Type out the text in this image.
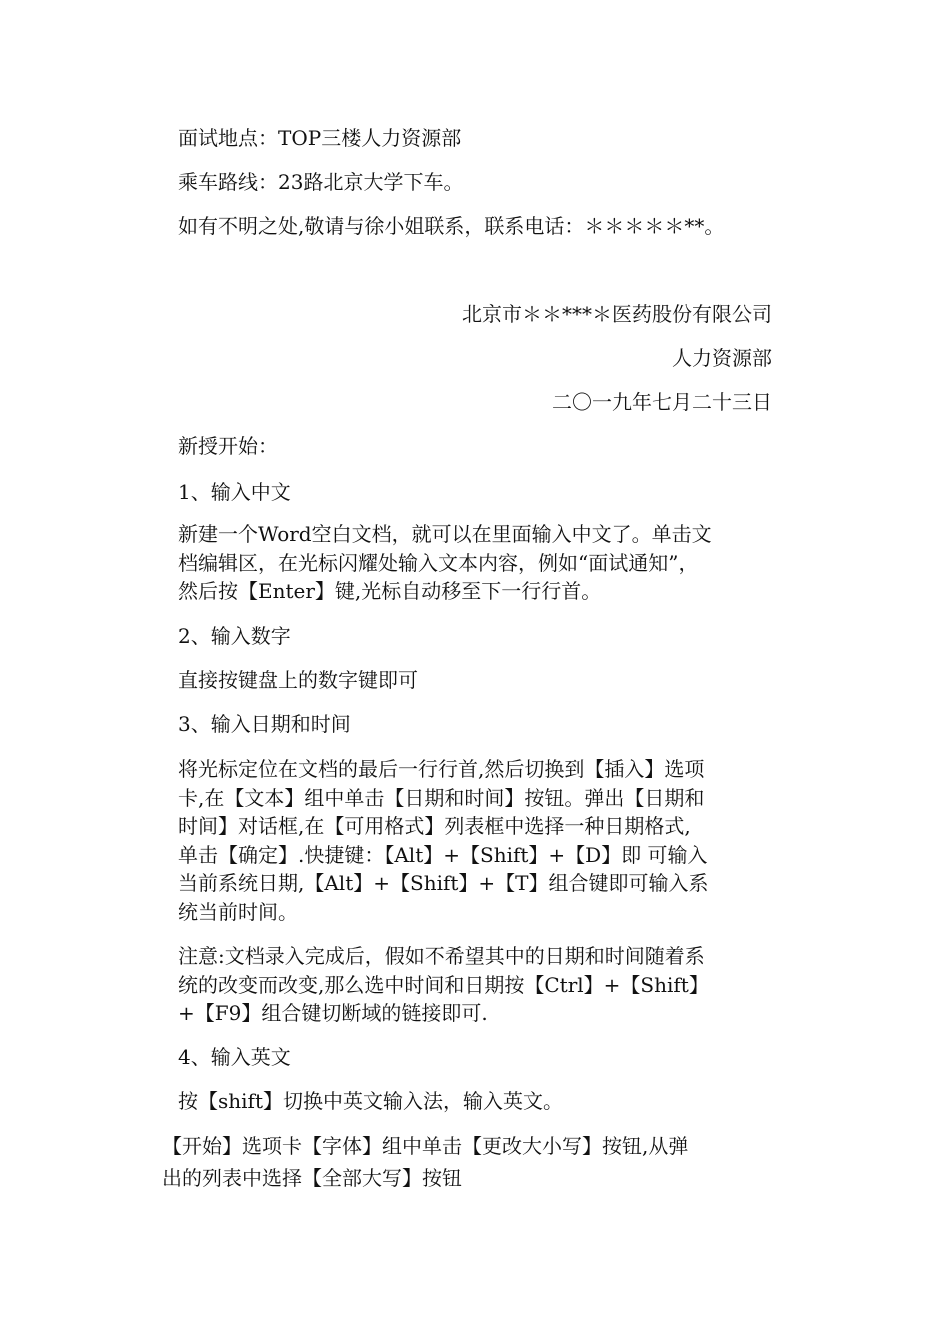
面试地点：TOP三楼人力资源部

乘车路线：23路北京大学下车。

如有不明之处,敬请与徐小姐联系，联系电话：＊＊＊＊＊**。

北京市＊＊***＊医药股份有限公司

人力资源部

二〇一九年七月二十三日

新授开始：

1、输入中文

新建一个Word空白文档，就可以在里面输入中文了。单击文
档编辑区，在光标闪耀处输入文本内容，例如“面试通知”，
然后按【Enter】键,光标自动移至下一行行首。

2、输入数字

直接按键盘上的数字键即可

3、输入日期和时间

将光标定位在文档的最后一行行首,然后切换到【插入】选项
卡,在【文本】组中单击【日期和时间】按钮。弹出【日期和
时间】对话框,在【可用格式】列表框中选择一种日期格式,
单击【确定】.快捷键：【Alt】+【Shift】+【D】即 可输入
当前系统日期,【Alt】+【Shift】+【T】组合键即可输入系
统当前时间。
注意:文档录入完成后，假如不希望其中的日期和时间随着系
统的改变而改变,那么选中时间和日期按【Ctrl】+【Shift】
+【F9】组合键切断域的链接即可.

4、输入英文

按【shift】切换中英文输入法，输入英文。

【开始】选项卡【字体】组中单击【更改大小写】按钮,从弹
出的列表中选择【全部大写】按钮
